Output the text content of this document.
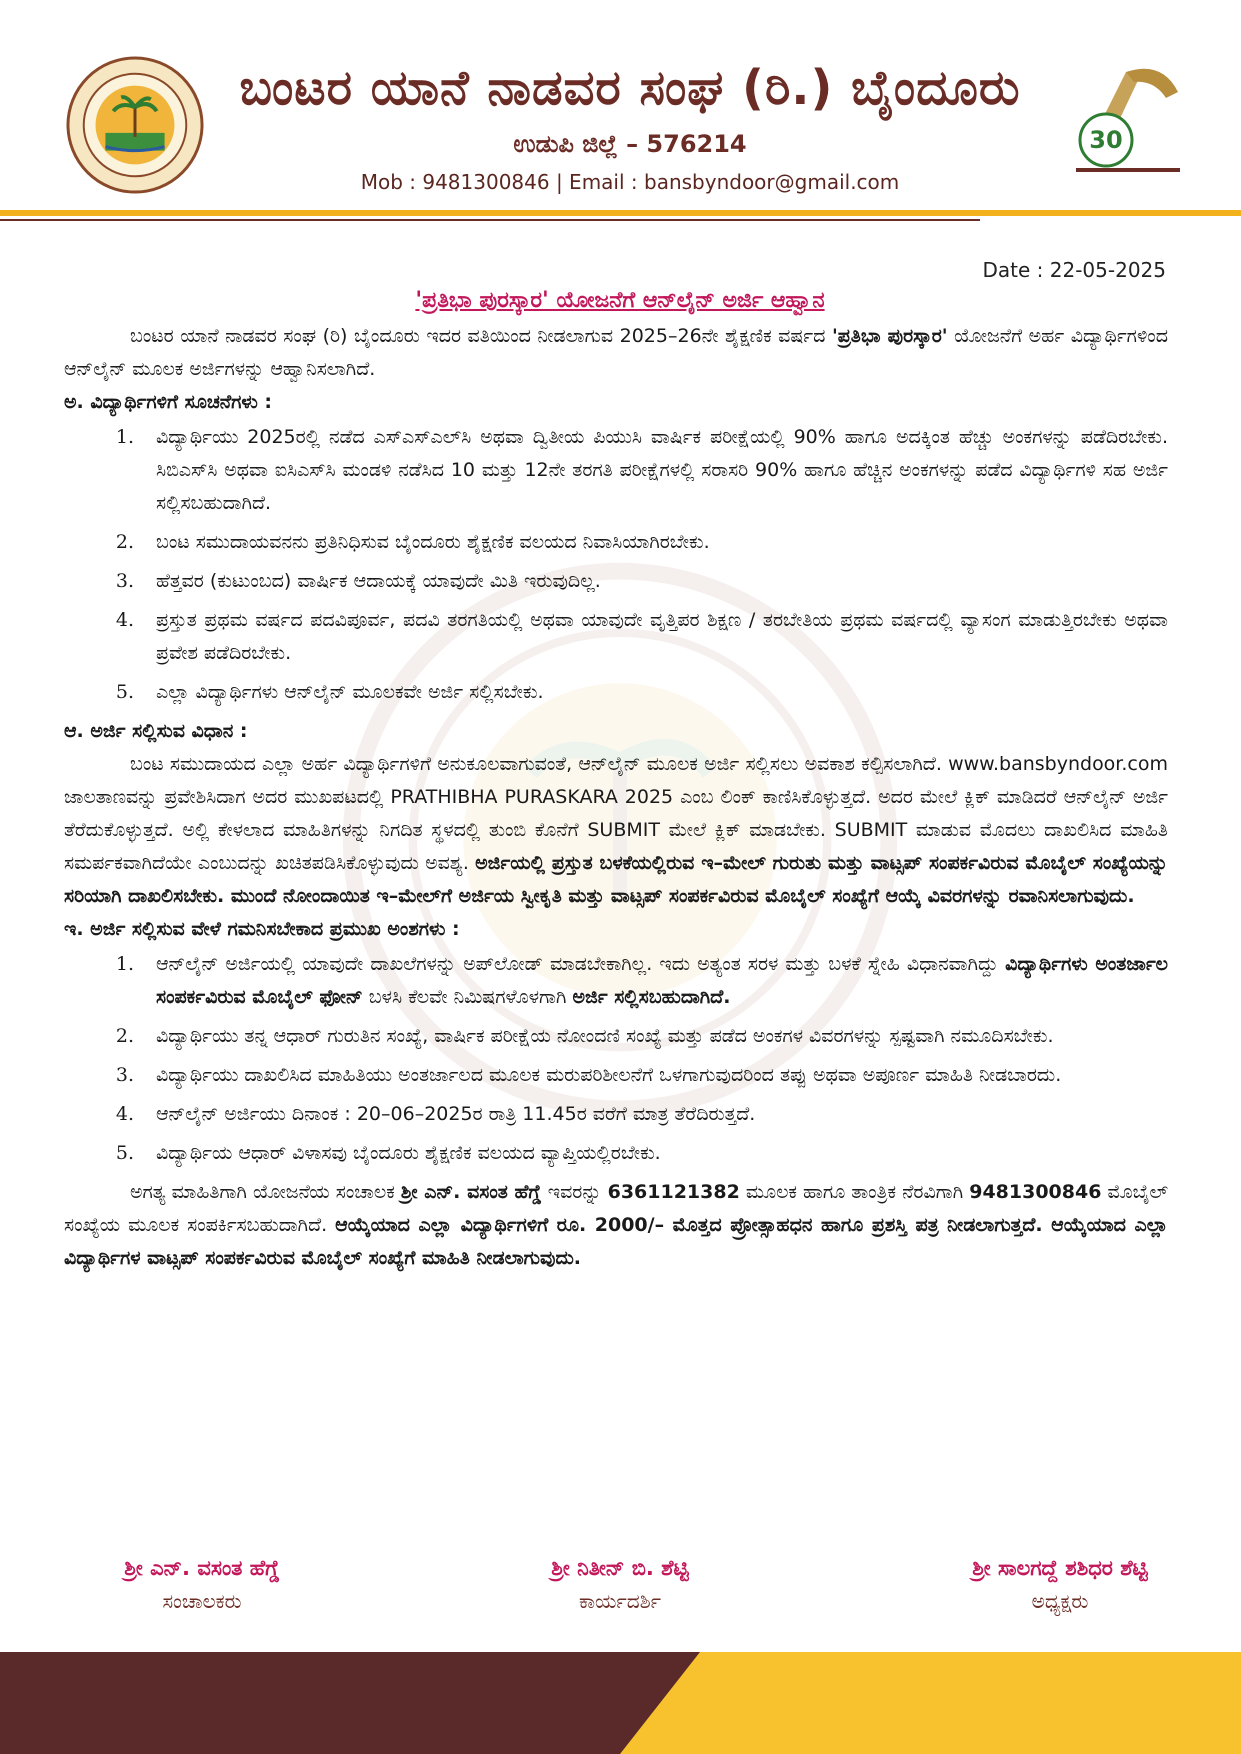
ಬಂಟರ ಯಾನೆ ನಾಡವರ ಸಂಘ (ರಿ.) ಬೈಂದೂರು
ಉಡುಪಿ ಜಿಲ್ಲೆ – 576214
Mob : 9481300846 | Email : bansbyndoor@gmail.com
30
Date : 22-05-2025
'ಪ್ರತಿಭಾ ಪುರಸ್ಕಾರ' ಯೋಜನೆಗೆ ಆನ್‌ಲೈನ್ ಅರ್ಜಿ ಆಹ್ವಾನ

ಬಂಟರ ಯಾನೆ ನಾಡವರ ಸಂಘ (ರಿ) ಬೈಂದೂರು ಇದರ ವತಿಯಿಂದ ನೀಡಲಾಗುವ 2025–26ನೇ ಶೈಕ್ಷಣಿಕ ವರ್ಷದ 'ಪ್ರತಿಭಾ ಪುರಸ್ಕಾರ' ಯೋಜನೆಗೆ ಅರ್ಹ ವಿದ್ಯಾರ್ಥಿಗಳಿಂದ ಆನ್‌ಲೈನ್ ಮೂಲಕ ಅರ್ಜಿಗಳನ್ನು ಆಹ್ವಾನಿಸಲಾಗಿದೆ.

ಅ. ವಿದ್ಯಾರ್ಥಿಗಳಿಗೆ ಸೂಚನೆಗಳು :

1.	ವಿದ್ಯಾರ್ಥಿಯು 2025ರಲ್ಲಿ ನಡೆದ ಎಸ್‌ಎಸ್‌ಎಲ್‌ಸಿ ಅಥವಾ ದ್ವಿತೀಯ ಪಿಯುಸಿ ವಾರ್ಷಿಕ ಪರೀಕ್ಷೆಯಲ್ಲಿ 90% ಹಾಗೂ ಅದಕ್ಕಿಂತ ಹೆಚ್ಚು ಅಂಕಗಳನ್ನು ಪಡೆದಿರಬೇಕು. ಸಿಬಿಎಸ್‌ಸಿ ಅಥವಾ ಐಸಿಎಸ್‌ಸಿ ಮಂಡಳಿ ನಡೆಸಿದ 10 ಮತ್ತು 12ನೇ ತರಗತಿ ಪರೀಕ್ಷೆಗಳಲ್ಲಿ ಸರಾಸರಿ 90% ಹಾಗೂ ಹೆಚ್ಚಿನ ಅಂಕಗಳನ್ನು ಪಡೆದ ವಿದ್ಯಾರ್ಥಿಗಳಿ ಸಹ ಅರ್ಜಿ ಸಲ್ಲಿಸಬಹುದಾಗಿದೆ.
2.	ಬಂಟ ಸಮುದಾಯವನನು ಪ್ರತಿನಿಧಿಸುವ ಬೈಂದೂರು ಶೈಕ್ಷಣಿಕ ವಲಯದ ನಿವಾಸಿಯಾಗಿರಬೇಕು.
3.	ಹೆತ್ತವರ (ಕುಟುಂಬದ) ವಾರ್ಷಿಕ ಆದಾಯಕ್ಕೆ ಯಾವುದೇ ಮಿತಿ ಇರುವುದಿಲ್ಲ.
4.	ಪ್ರಸ್ತುತ ಪ್ರಥಮ ವರ್ಷದ ಪದವಿಪೂರ್ವ, ಪದವಿ ತರಗತಿಯಲ್ಲಿ ಅಥವಾ ಯಾವುದೇ ವೃತ್ತಿಪರ ಶಿಕ್ಷಣ / ತರಬೇತಿಯ ಪ್ರಥಮ ವರ್ಷದಲ್ಲಿ ವ್ಯಾಸಂಗ ಮಾಡುತ್ತಿರಬೇಕು ಅಥವಾ ಪ್ರವೇಶ ಪಡೆದಿರಬೇಕು.
5.	ಎಲ್ಲಾ ವಿದ್ಯಾರ್ಥಿಗಳು ಆನ್‌ಲೈನ್ ಮೂಲಕವೇ ಅರ್ಜಿ ಸಲ್ಲಿಸಬೇಕು.

ಆ. ಅರ್ಜಿ ಸಲ್ಲಿಸುವ ವಿಧಾನ :

ಬಂಟ ಸಮುದಾಯದ ಎಲ್ಲಾ ಅರ್ಹ ವಿದ್ಯಾರ್ಥಿಗಳಿಗೆ ಅನುಕೂಲವಾಗುವಂತೆ, ಆನ್‌ಲೈನ್ ಮೂಲಕ ಅರ್ಜಿ ಸಲ್ಲಿಸಲು ಅವಕಾಶ ಕಲ್ಪಿಸಲಾಗಿದೆ. www.bansbyndoor.com ಜಾಲತಾಣವನ್ನು ಪ್ರವೇಶಿಸಿದಾಗ ಅದರ ಮುಖಪಟದಲ್ಲಿ PRATHIBHA PURASKARA 2025 ಎಂಬ ಲಿಂಕ್ ಕಾಣಿಸಿಕೊಳ್ಳುತ್ತದೆ. ಅದರ ಮೇಲೆ ಕ್ಲಿಕ್ ಮಾಡಿದರೆ ಆನ್‌ಲೈನ್ ಅರ್ಜಿ ತೆರೆದುಕೊಳ್ಳುತ್ತದೆ. ಅಲ್ಲಿ ಕೇಳಲಾದ ಮಾಹಿತಿಗಳನ್ನು ನಿಗದಿತ ಸ್ಥಳದಲ್ಲಿ ತುಂಬಿ ಕೊನೆಗೆ SUBMIT ಮೇಲೆ ಕ್ಲಿಕ್ ಮಾಡಬೇಕು. SUBMIT ಮಾಡುವ ಮೊದಲು ದಾಖಲಿಸಿದ ಮಾಹಿತಿ ಸಮರ್ಪಕವಾಗಿದೆಯೇ ಎಂಬುದನ್ನು ಖಚಿತಪಡಿಸಿಕೊಳ್ಳುವುದು ಅವಶ್ಯ. ಅರ್ಜಿಯಲ್ಲಿ ಪ್ರಸ್ತುತ ಬಳಕೆಯಲ್ಲಿರುವ ಇ–ಮೇಲ್ ಗುರುತು ಮತ್ತು ವಾಟ್ಸಪ್ ಸಂಪರ್ಕವಿರುವ ಮೊಬೈಲ್ ಸಂಖ್ಯೆಯನ್ನು ಸರಿಯಾಗಿ ದಾಖಲಿಸಬೇಕು. ಮುಂದೆ ನೋಂದಾಯಿತ ಇ–ಮೇಲ್‌ಗೆ ಅರ್ಜಿಯ ಸ್ವೀಕೃತಿ ಮತ್ತು ವಾಟ್ಸಪ್ ಸಂಪರ್ಕವಿರುವ ಮೊಬೈಲ್ ಸಂಖ್ಯೆಗೆ ಆಯ್ಕೆ ವಿವರಗಳನ್ನು ರವಾನಿಸಲಾಗುವುದು.

ಇ. ಅರ್ಜಿ ಸಲ್ಲಿಸುವ ವೇಳೆ ಗಮನಿಸಬೇಕಾದ ಪ್ರಮುಖ ಅಂಶಗಳು :

1.	ಆನ್‌ಲೈನ್ ಅರ್ಜಿಯಲ್ಲಿ ಯಾವುದೇ ದಾಖಲೆಗಳನ್ನು ಅಪ್‌ಲೋಡ್ ಮಾಡಬೇಕಾಗಿಲ್ಲ. ಇದು ಅತ್ಯಂತ ಸರಳ ಮತ್ತು ಬಳಕೆ ಸ್ನೇಹಿ ವಿಧಾನವಾಗಿದ್ದು ವಿದ್ಯಾರ್ಥಿಗಳು ಅಂತರ್ಜಾಲ ಸಂಪರ್ಕವಿರುವ ಮೊಬೈಲ್ ಫೋನ್ ಬಳಸಿ ಕೆಲವೇ ನಿಮಿಷಗಳೊಳಗಾಗಿ ಅರ್ಜಿ ಸಲ್ಲಿಸಬಹುದಾಗಿದೆ.
2.	ವಿದ್ಯಾರ್ಥಿಯು ತನ್ನ ಆಧಾರ್ ಗುರುತಿನ ಸಂಖ್ಯೆ, ವಾರ್ಷಿಕ ಪರೀಕ್ಷೆಯ ನೋಂದಣಿ ಸಂಖ್ಯೆ ಮತ್ತು ಪಡೆದ ಅಂಕಗಳ ವಿವರಗಳನ್ನು ಸ್ಪಷ್ಟವಾಗಿ ನಮೂದಿಸಬೇಕು.
3.	ವಿದ್ಯಾರ್ಥಿಯು ದಾಖಲಿಸಿದ ಮಾಹಿತಿಯು ಅಂತರ್ಜಾಲದ ಮೂಲಕ ಮರುಪರಿಶೀಲನೆಗೆ ಒಳಗಾಗುವುದರಿಂದ ತಪ್ಪು ಅಥವಾ ಅಪೂರ್ಣ ಮಾಹಿತಿ ನೀಡಬಾರದು.
4.	ಆನ್‌ಲೈನ್ ಅರ್ಜಿಯು ದಿನಾಂಕ : 20–06–2025ರ ರಾತ್ರಿ 11.45ರ ವರೆಗೆ ಮಾತ್ರ ತೆರೆದಿರುತ್ತದೆ.
5.	ವಿದ್ಯಾರ್ಥಿಯ ಆಧಾರ್ ವಿಳಾಸವು ಬೈಂದೂರು ಶೈಕ್ಷಣಿಕ ವಲಯದ ವ್ಯಾಪ್ತಿಯಲ್ಲಿರಬೇಕು.

ಅಗತ್ಯ ಮಾಹಿತಿಗಾಗಿ ಯೋಜನೆಯ ಸಂಚಾಲಕ ಶ್ರೀ ಎನ್. ವಸಂತ ಹೆಗ್ಡೆ ಇವರನ್ನು 6361121382 ಮೂಲಕ ಹಾಗೂ ತಾಂತ್ರಿಕ ನೆರವಿಗಾಗಿ 9481300846 ಮೊಬೈಲ್ ಸಂಖ್ಯೆಯ ಮೂಲಕ ಸಂಪರ್ಕಿಸಬಹುದಾಗಿದೆ. ಆಯ್ಕೆಯಾದ ಎಲ್ಲಾ ವಿದ್ಯಾರ್ಥಿಗಳಿಗೆ ರೂ. 2000/– ಮೊತ್ತದ ಪ್ರೋತ್ಸಾಹಧನ ಹಾಗೂ ಪ್ರಶಸ್ತಿ ಪತ್ರ ನೀಡಲಾಗುತ್ತದೆ. ಆಯ್ಕೆಯಾದ ಎಲ್ಲಾ ವಿದ್ಯಾರ್ಥಿಗಳ ವಾಟ್ಸಪ್ ಸಂಪರ್ಕವಿರುವ ಮೊಬೈಲ್ ಸಂಖ್ಯೆಗೆ ಮಾಹಿತಿ ನೀಡಲಾಗುವುದು.

ಶ್ರೀ ಎನ್. ವಸಂತ ಹೆಗ್ಡೆ
ಸಂಚಾಲಕರು
ಶ್ರೀ ನಿತೀನ್ ಬಿ. ಶೆಟ್ಟಿ
ಕಾರ್ಯದರ್ಶಿ
ಶ್ರೀ ಸಾಲಗದ್ದೆ ಶಶಿಧರ ಶೆಟ್ಟಿ
ಅಧ್ಯಕ್ಷರು
